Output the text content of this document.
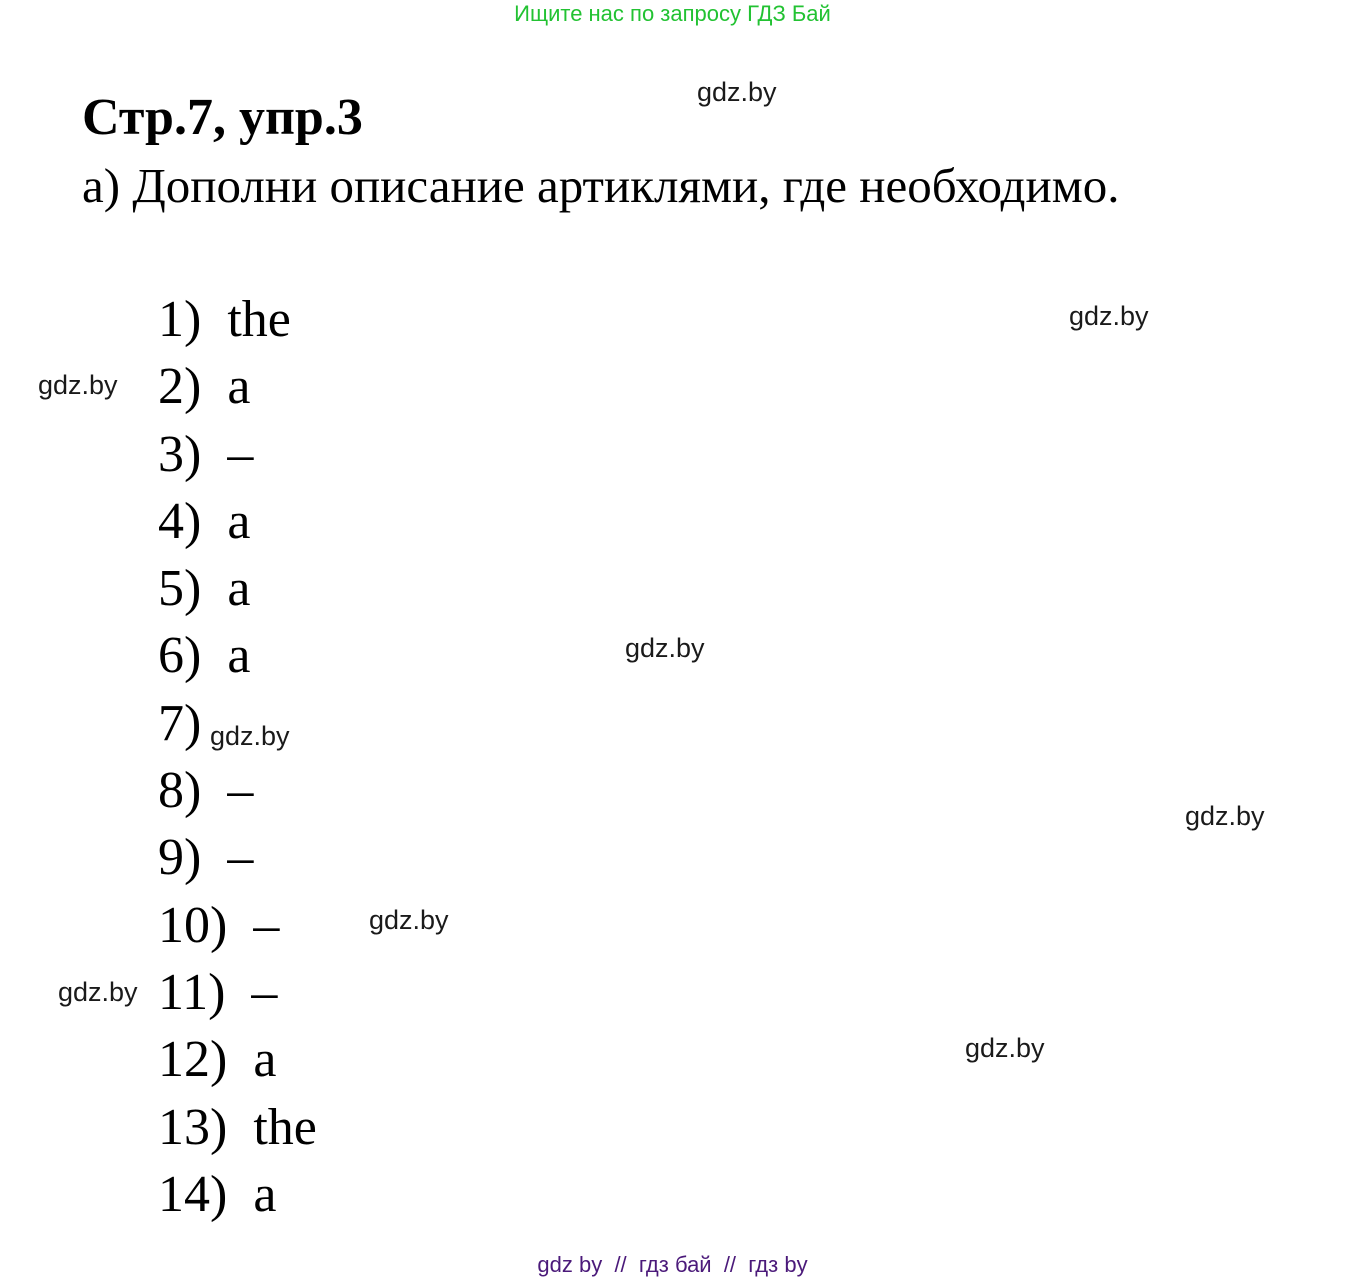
Ищите нас по запросу ГДЗ Бай
Стр.7, упр.3
а) Дополни описание артиклями, где необходимо.
1) the
2) a
3) –
4) a
5) a
6) a
7)
8) –
9) –
10) –
11) –
12) a
13) the
14) a
gdz.by
gdz.by
gdz.by
gdz.by
gdz.by
gdz.by
gdz.by
gdz.by
gdz.by
gdz by  //  гдз бай  //  гдз by
